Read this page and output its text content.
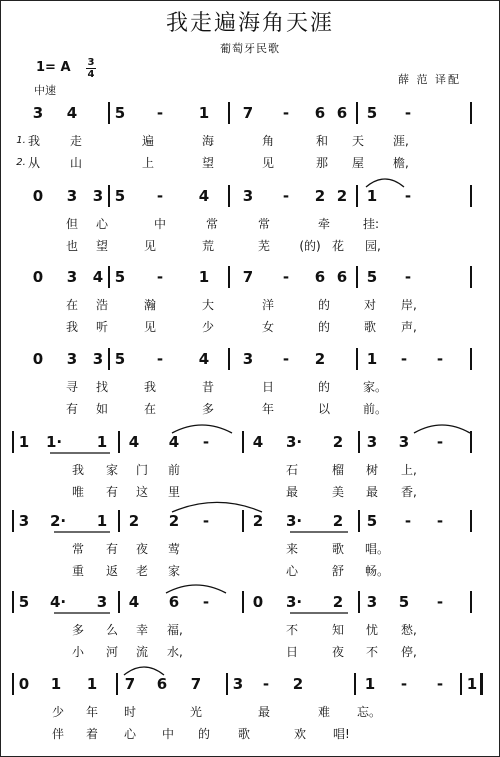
我走遍海角天涯
葡萄牙民歌
1= A 3
4
中速
薛 范 译配
3 4	5 - 1 7 - 6 6 5 -
1.
2.
我 走	遍	海	角	和 天 涯,
从 山	上	望	见	那 屋 檐,
0 3 3 5 - 4 3 - 2 2 1 -
但 心	中	常	常	牵	挂:
也 望	见	荒	芜	(的) 花 园,
0 3 4 5 - 1 7 - 6 6 5 -
在 浩	瀚	大	洋	的	对 岸,
我 听	见	少	女	的	歌 声,
0 3 3 5 - 4 3 - 2	1 - -
寻 找	我	昔	日	的	家。
有 如	在	多	年	以	前。
1 1· 1 4 4 -	4 3· 2 3 3 -
我 家 门 前	石	榴 树 上,
唯 有 这 里	最	美 最 香,
3 2· 1 2 2 -	2 3· 2 5 - -
常 有 夜 莺	来	歌 唱。
重 返 老 家	心	舒 畅。
5 4· 3 4 6 -	0 3· 2 3 5 -
多 么 幸 福,	不	知 忧 愁,
小 河 流 水,	日	夜 不 停,
0 1 1 7 6 7 3 - 2	1 - - 1
少 年 时	光	最	难 忘。
伴 着 心 中 的 歌	欢 唱!
